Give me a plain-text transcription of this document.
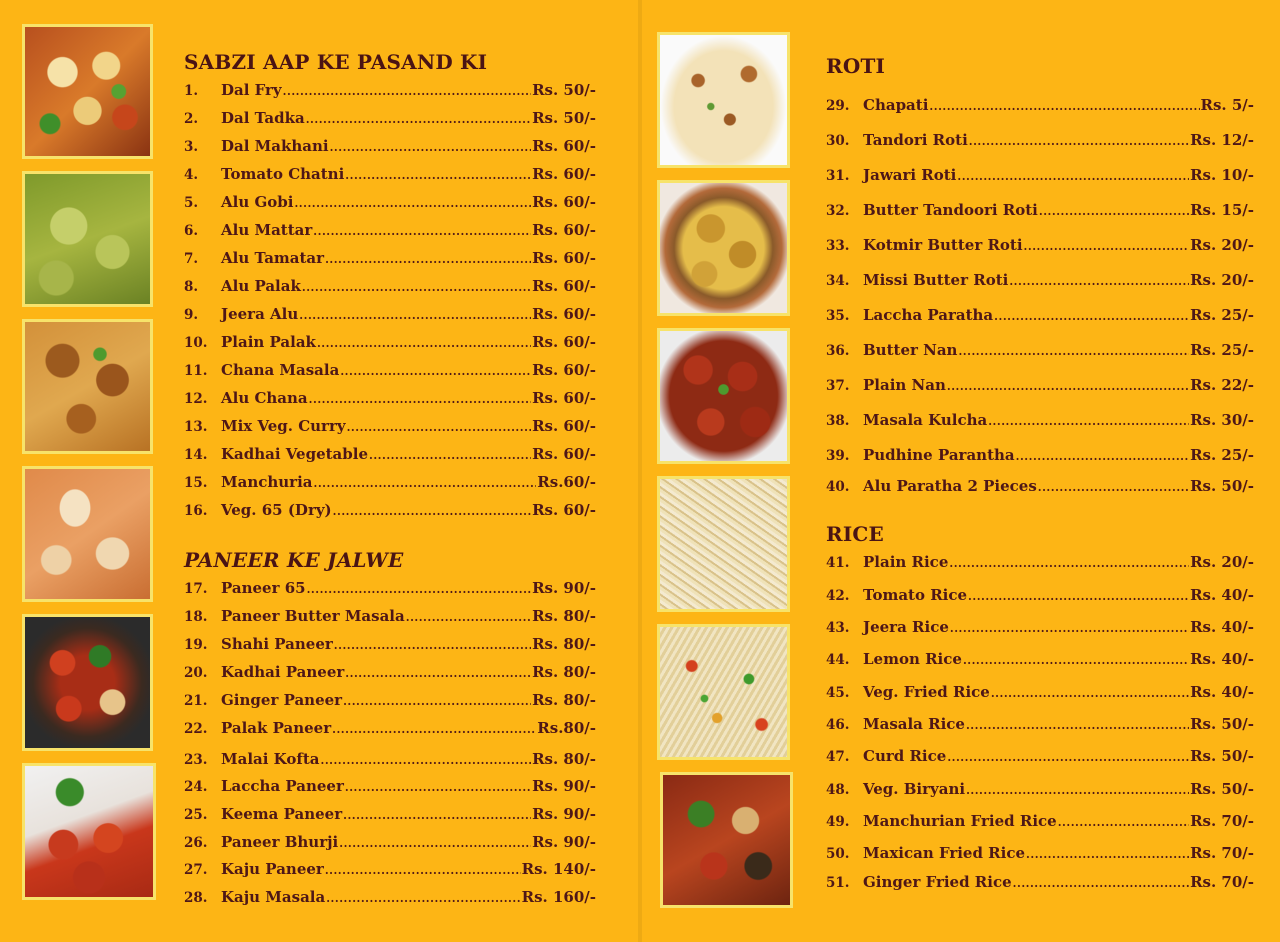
SABZI AAP KE PASAND KI
PANEER KE JALWE
ROTI
RICE
1.	Dal Fry .....	Rs. 50/-
2.	Dal Tadka .....	Rs. 50/-
3.	Dal Makhani .....	Rs. 60/-
4.	Tomato Chatni .....	Rs. 60/-
5.	Alu Gobi .....	Rs. 60/-
6.	Alu Mattar .....	Rs. 60/-
7.	Alu Tamatar .....	Rs. 60/-
8.	Alu Palak .....	Rs. 60/-
9.	Jeera Alu .....	Rs. 60/-
10. Plain Palak .....	Rs. 60/-
11. Chana Masala .....	Rs. 60/-
12. Alu Chana .....	Rs. 60/-
13. Mix Veg. Curry .....	Rs. 60/-
14. Kadhai Vegetable .....	Rs. 60/-
15. Manchuria .....	Rs.60/-
16. Veg. 65 (Dry) .....	Rs. 60/-
17. Paneer 65 .....	Rs. 90/-
18. Paneer Butter Masala .....	Rs. 80/-
19. Shahi Paneer .....	Rs. 80/-
20. Kadhai Paneer .....	Rs. 80/-
21. Ginger Paneer .....	Rs. 80/-
22. Palak Paneer .....	Rs.80/-
23. Malai Kofta .....	Rs. 80/-
24. Laccha Paneer .....	Rs. 90/-
25. Keema Paneer .....	Rs. 90/-
26. Paneer Bhurji .....	Rs. 90/-
27. Kaju Paneer .....	Rs. 140/-
28. Kaju Masala .....	Rs. 160/-
29. Chapati .....	Rs. 5/-
30. Tandori Roti .....	Rs. 12/-
31. Jawari Roti .....	Rs. 10/-
32. Butter Tandoori Roti .....	Rs. 15/-
33. Kotmir Butter Roti .....	Rs. 20/-
34. Missi Butter Roti .....	Rs. 20/-
35. Laccha Paratha .....	Rs. 25/-
36. Butter Nan .....	Rs. 25/-
37. Plain Nan .....	Rs. 22/-
38. Masala Kulcha .....	Rs. 30/-
39. Pudhine Parantha .....	Rs. 25/-
40. Alu Paratha 2 Pieces .....	Rs. 50/-
41. Plain Rice .....	Rs. 20/-
42. Tomato Rice .....	Rs. 40/-
43. Jeera Rice .....	Rs. 40/-
44. Lemon Rice .....	Rs. 40/-
45. Veg. Fried Rice .....	Rs. 40/-
46. Masala Rice .....	Rs. 50/-
47. Curd Rice .....	Rs. 50/-
48. Veg. Biryani .....	Rs. 50/-
49. Manchurian Fried Rice .....	Rs. 70/-
50. Maxican Fried Rice .....	Rs. 70/-
51. Ginger Fried Rice .....	Rs. 70/-
